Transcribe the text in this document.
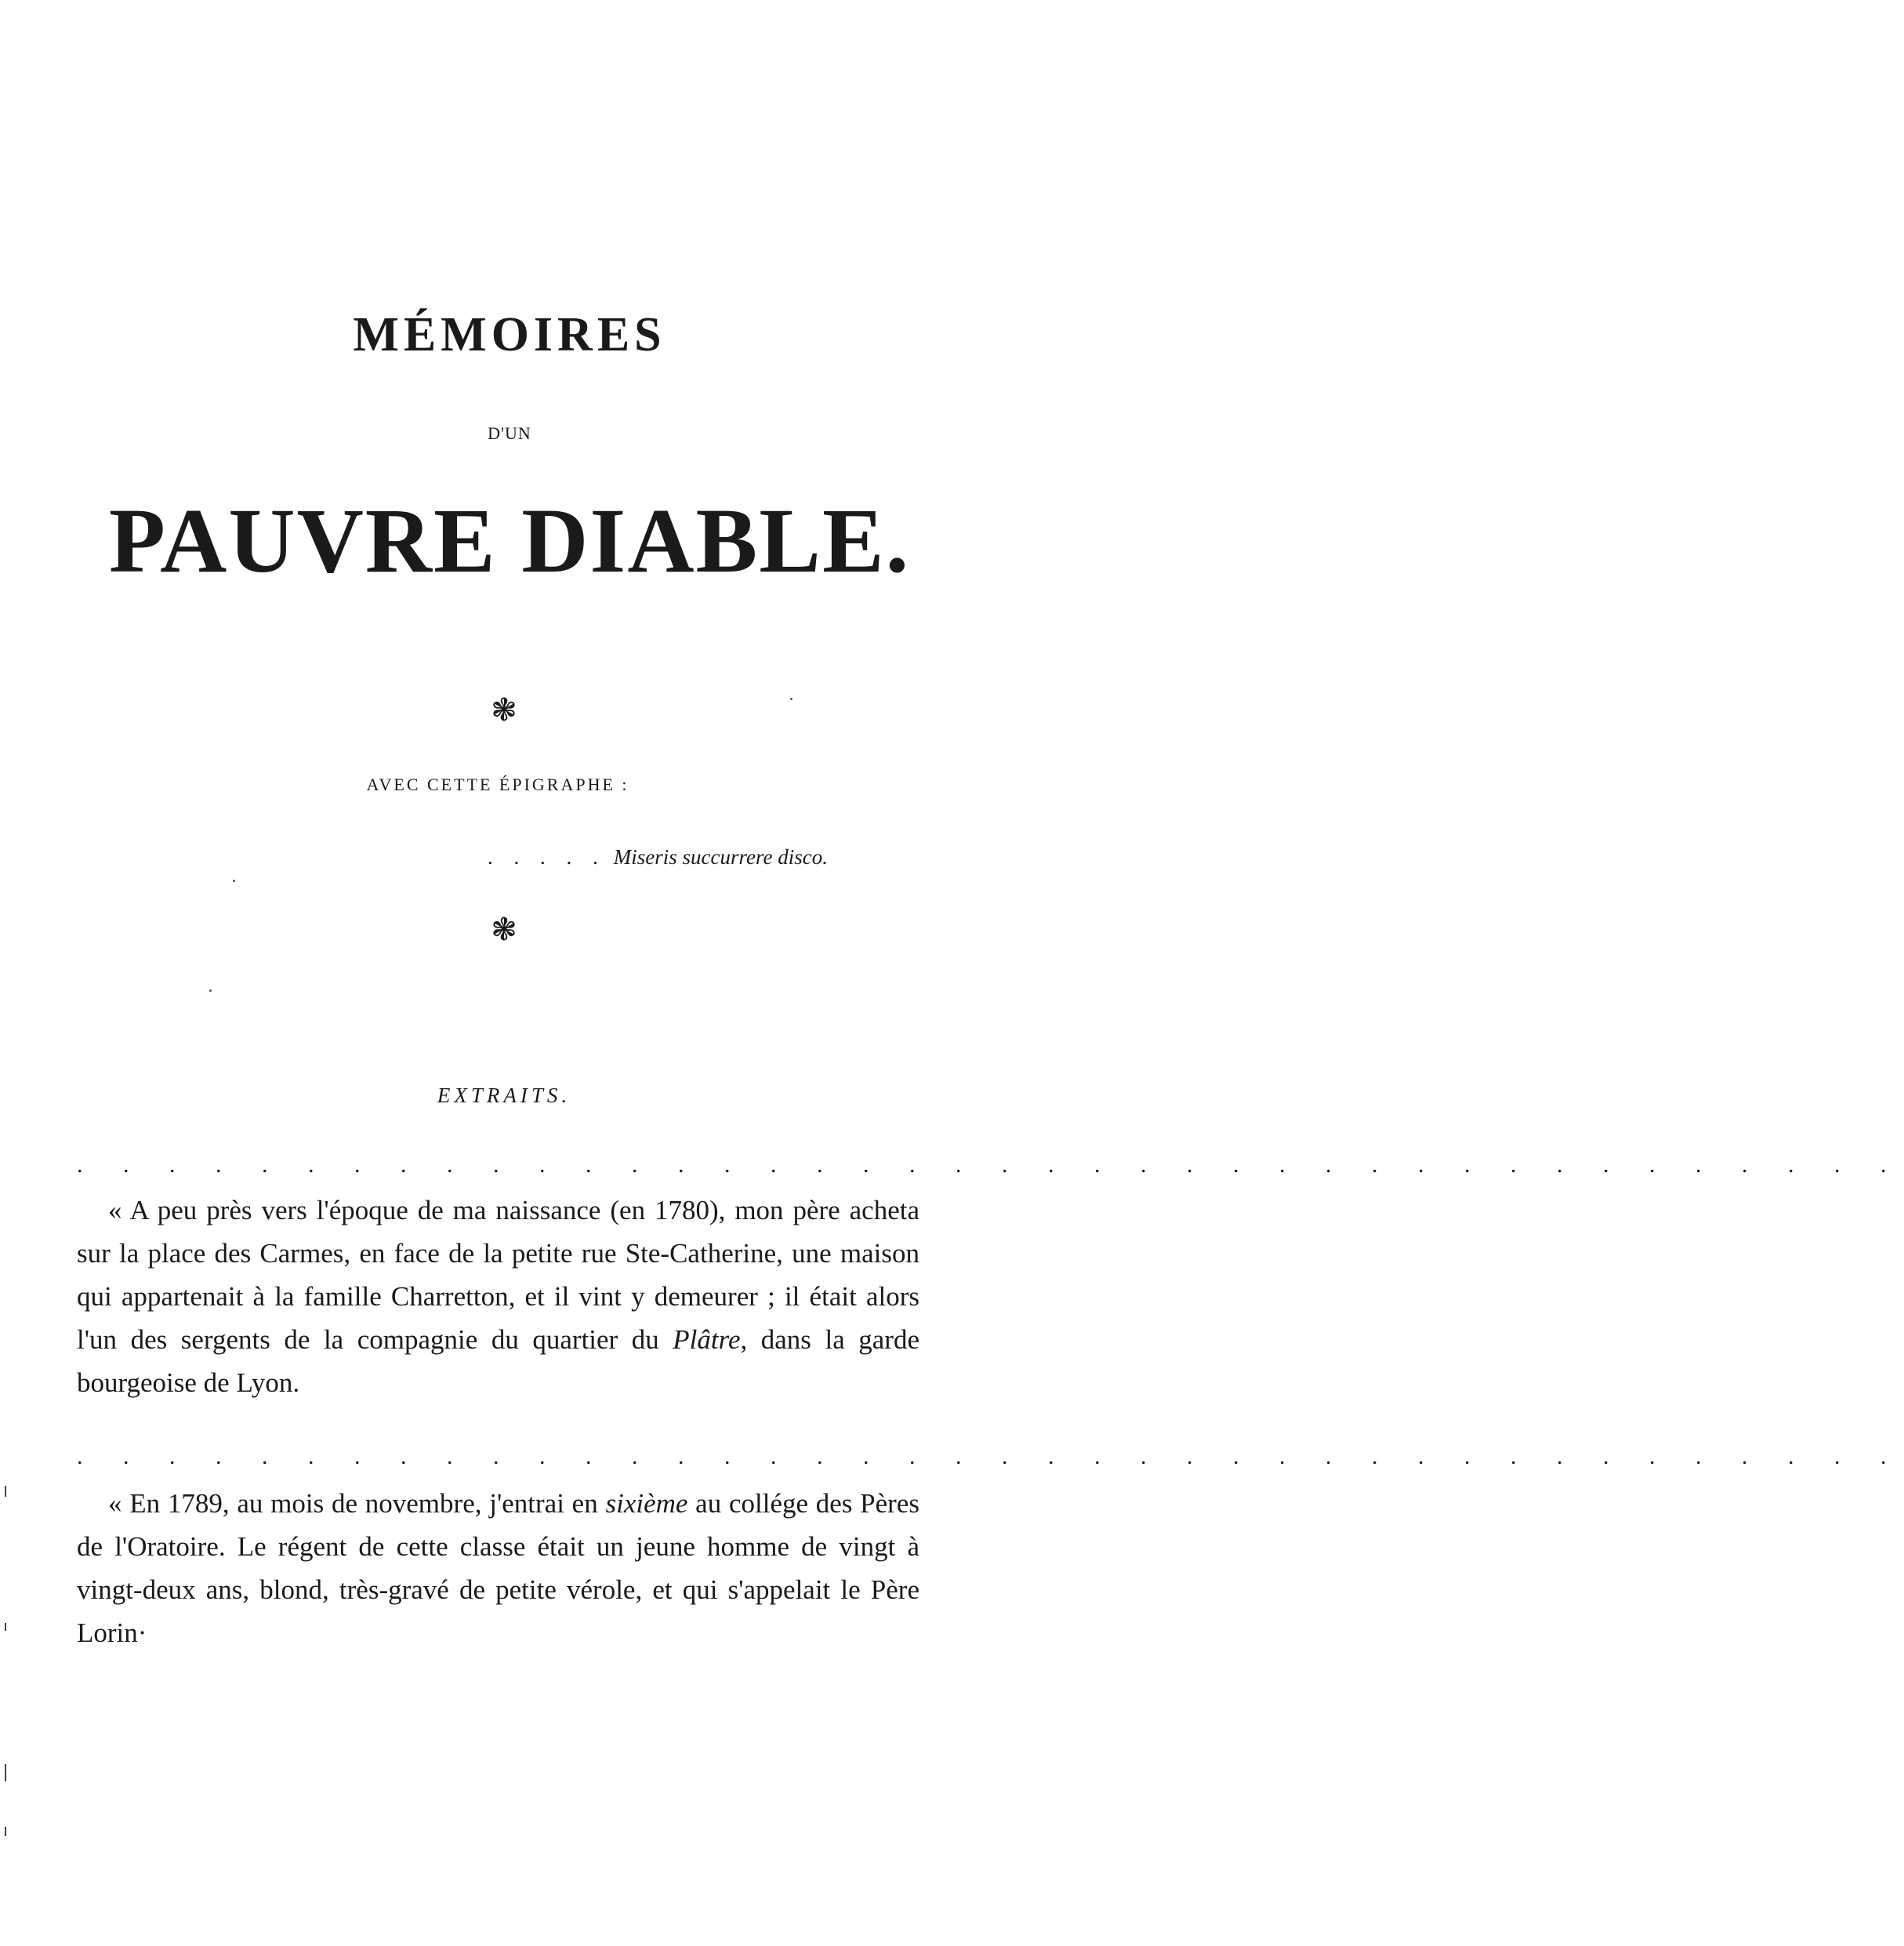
MÉMOIRES
D'UN
PAUVRE DIABLE.
❃
AVEC CETTE ÉPIGRAPHE :
. . . . . Miseris succurrere disco.
❃
EXTRAITS.
. . . . . . . . . . . . . . . . . . . . . . . . . . . . . . . . . . . . . . . .

« A peu près vers l'époque de ma naissance (en 1780), mon père acheta sur la place des Carmes, en face de la petite rue Ste-Catherine, une maison qui appartenait à la famille Charretton, et il vint y demeurer ; il était alors l'un des sergents de la compagnie du quartier du Plâtre, dans la garde bourgeoise de Lyon.

. . . . . . . . . . . . . . . . . . . . . . . . . . . . . . . . . . . . . . . .

« En 1789, au mois de novembre, j'entrai en sixième au collége des Pères de l'Oratoire. Le régent de cette classe était un jeune homme de vingt à vingt-deux ans, blond, très-gravé de petite vérole, et qui s'appelait le Père Lorin·
